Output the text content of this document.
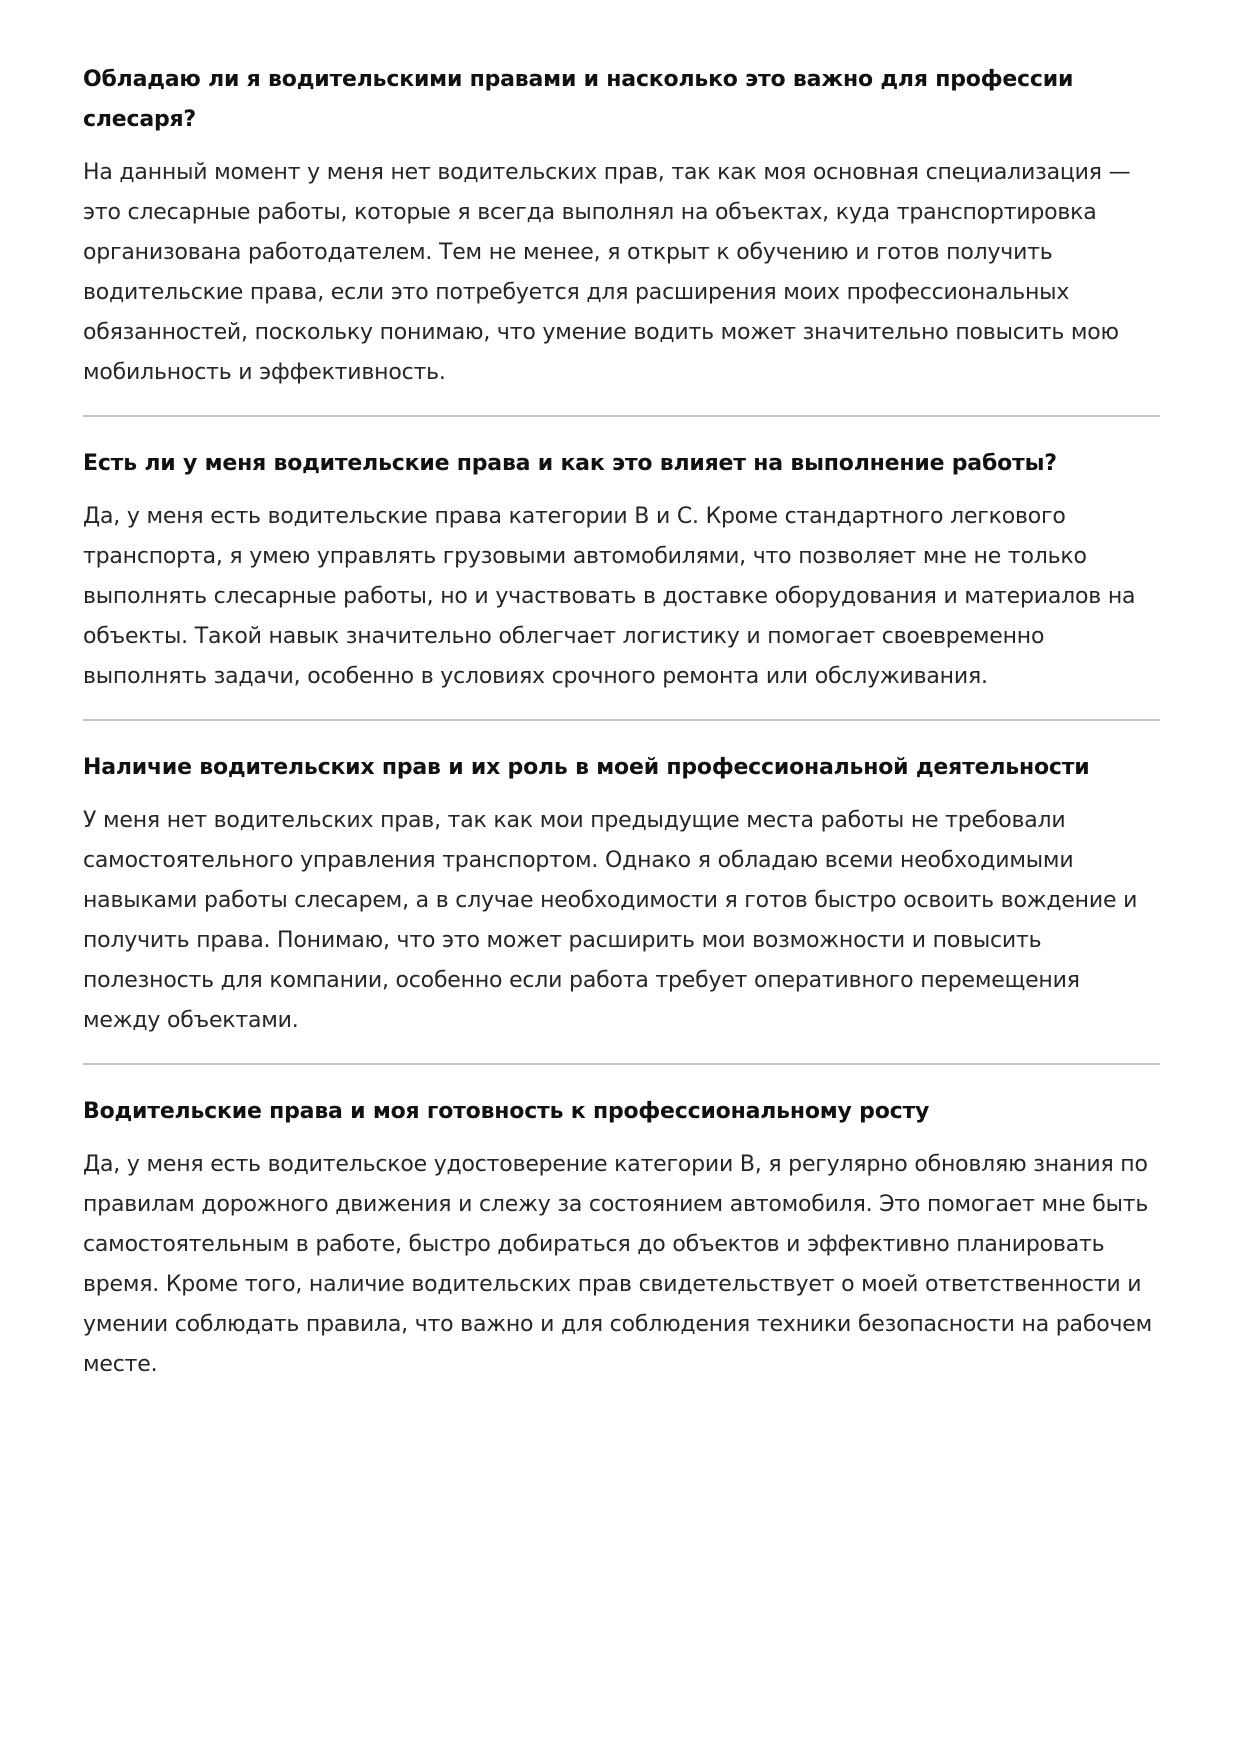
Обладаю ли я водительскими правами и насколько это важно для профессии слесаря?

На данный момент у меня нет водительских прав, так как моя основная специализация — это слесарные работы, которые я всегда выполнял на объектах, куда транспортировка организована работодателем. Тем не менее, я открыт к обучению и готов получить водительские права, если это потребуется для расширения моих профессиональных обязанностей, поскольку понимаю, что умение водить может значительно повысить мою мобильность и эффективность.

Есть ли у меня водительские права и как это влияет на выполнение работы?

Да, у меня есть водительские права категории B и C. Кроме стандартного легкового транспорта, я умею управлять грузовыми автомобилями, что позволяет мне не только выполнять слесарные работы, но и участвовать в доставке оборудования и материалов на объекты. Такой навык значительно облегчает логистику и помогает своевременно выполнять задачи, особенно в условиях срочного ремонта или обслуживания.

Наличие водительских прав и их роль в моей профессиональной деятельности

У меня нет водительских прав, так как мои предыдущие места работы не требовали самостоятельного управления транспортом. Однако я обладаю всеми необходимыми навыками работы слесарем, а в случае необходимости я готов быстро освоить вождение и получить права. Понимаю, что это может расширить мои возможности и повысить полезность для компании, особенно если работа требует оперативного перемещения между объектами.

Водительские права и моя готовность к профессиональному росту

Да, у меня есть водительское удостоверение категории B, я регулярно обновляю знания по правилам дорожного движения и слежу за состоянием автомобиля. Это помогает мне быть самостоятельным в работе, быстро добираться до объектов и эффективно планировать время. Кроме того, наличие водительских прав свидетельствует о моей ответственности и умении соблюдать правила, что важно и для соблюдения техники безопасности на рабочем месте.
